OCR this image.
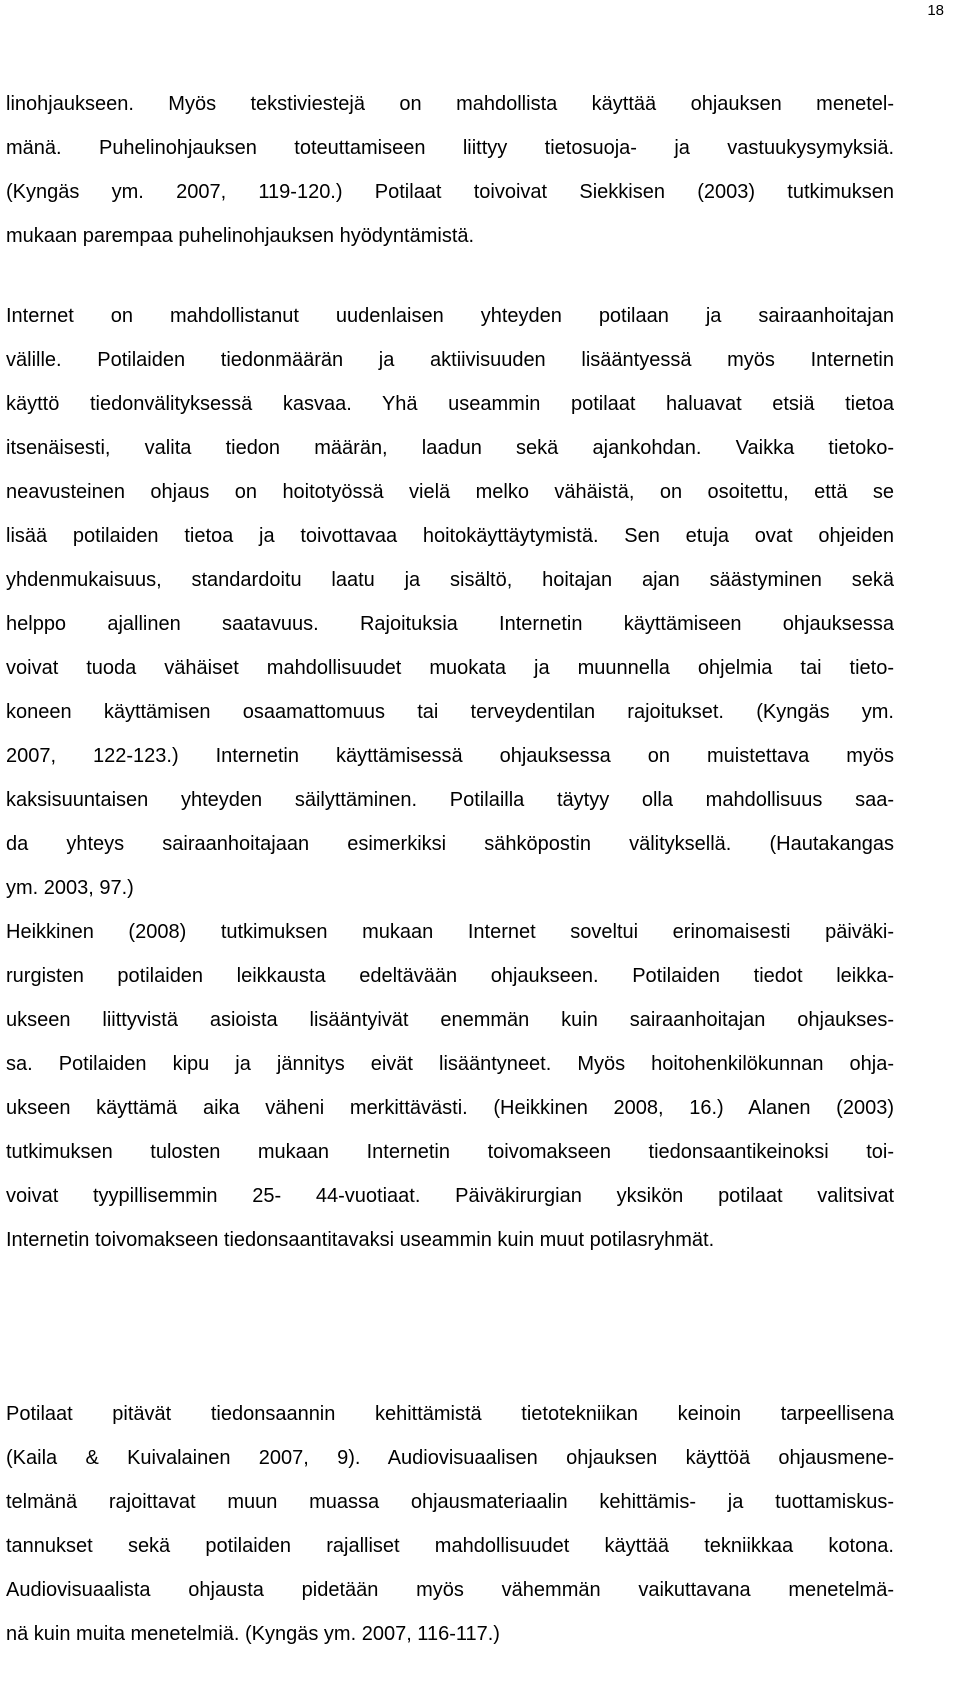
18
linohjaukseen. Myös tekstiviestejä on mahdollista käyttää ohjauksen menetel-
mänä. Puhelinohjauksen toteuttamiseen liittyy tietosuoja- ja vastuukysymyksiä.
(Kyngäs ym. 2007, 119-120.) Potilaat toivoivat Siekkisen (2003) tutkimuksen
mukaan parempaa puhelinohjauksen hyödyntämistä.
Internet on mahdollistanut uudenlaisen yhteyden potilaan ja sairaanhoitajan
välille. Potilaiden tiedonmäärän ja aktiivisuuden lisääntyessä myös Internetin
käyttö tiedonvälityksessä kasvaa. Yhä useammin potilaat haluavat etsiä tietoa
itsenäisesti, valita tiedon määrän, laadun sekä ajankohdan. Vaikka tietoko-
neavusteinen ohjaus on hoitotyössä vielä melko vähäistä, on osoitettu, että se
lisää potilaiden tietoa ja toivottavaa hoitokäyttäytymistä. Sen etuja ovat ohjeiden
yhdenmukaisuus, standardoitu laatu ja sisältö, hoitajan ajan säästyminen sekä
helppo ajallinen saatavuus. Rajoituksia Internetin käyttämiseen ohjauksessa
voivat tuoda vähäiset mahdollisuudet muokata ja muunnella ohjelmia tai tieto-
koneen käyttämisen osaamattomuus tai terveydentilan rajoitukset. (Kyngäs ym.
2007, 122-123.) Internetin käyttämisessä ohjauksessa on muistettava myös
kaksisuuntaisen yhteyden säilyttäminen. Potilailla täytyy olla mahdollisuus saa-
da yhteys sairaanhoitajaan esimerkiksi sähköpostin välityksellä. (Hautakangas
ym. 2003, 97.)
Heikkinen (2008) tutkimuksen mukaan Internet soveltui erinomaisesti päiväki-
rurgisten potilaiden leikkausta edeltävään ohjaukseen. Potilaiden tiedot leikka-
ukseen liittyvistä asioista lisääntyivät enemmän kuin sairaanhoitajan ohjaukses-
sa. Potilaiden kipu ja jännitys eivät lisääntyneet. Myös hoitohenkilökunnan ohja-
ukseen käyttämä aika väheni merkittävästi. (Heikkinen 2008, 16.) Alanen (2003)
tutkimuksen tulosten mukaan Internetin toivomakseen tiedonsaantikeinoksi toi-
voivat tyypillisemmin 25- 44-vuotiaat. Päiväkirurgian yksikön potilaat valitsivat
Internetin toivomakseen tiedonsaantitavaksi useammin kuin muut potilasryhmät.
Potilaat pitävät tiedonsaannin kehittämistä tietotekniikan keinoin tarpeellisena
(Kaila & Kuivalainen 2007, 9). Audiovisuaalisen ohjauksen käyttöä ohjausmene-
telmänä rajoittavat muun muassa ohjausmateriaalin kehittämis- ja tuottamiskus-
tannukset sekä potilaiden rajalliset mahdollisuudet käyttää tekniikkaa kotona.
Audiovisuaalista ohjausta pidetään myös vähemmän vaikuttavana menetelmä-
nä kuin muita menetelmiä. (Kyngäs ym. 2007, 116-117.)
